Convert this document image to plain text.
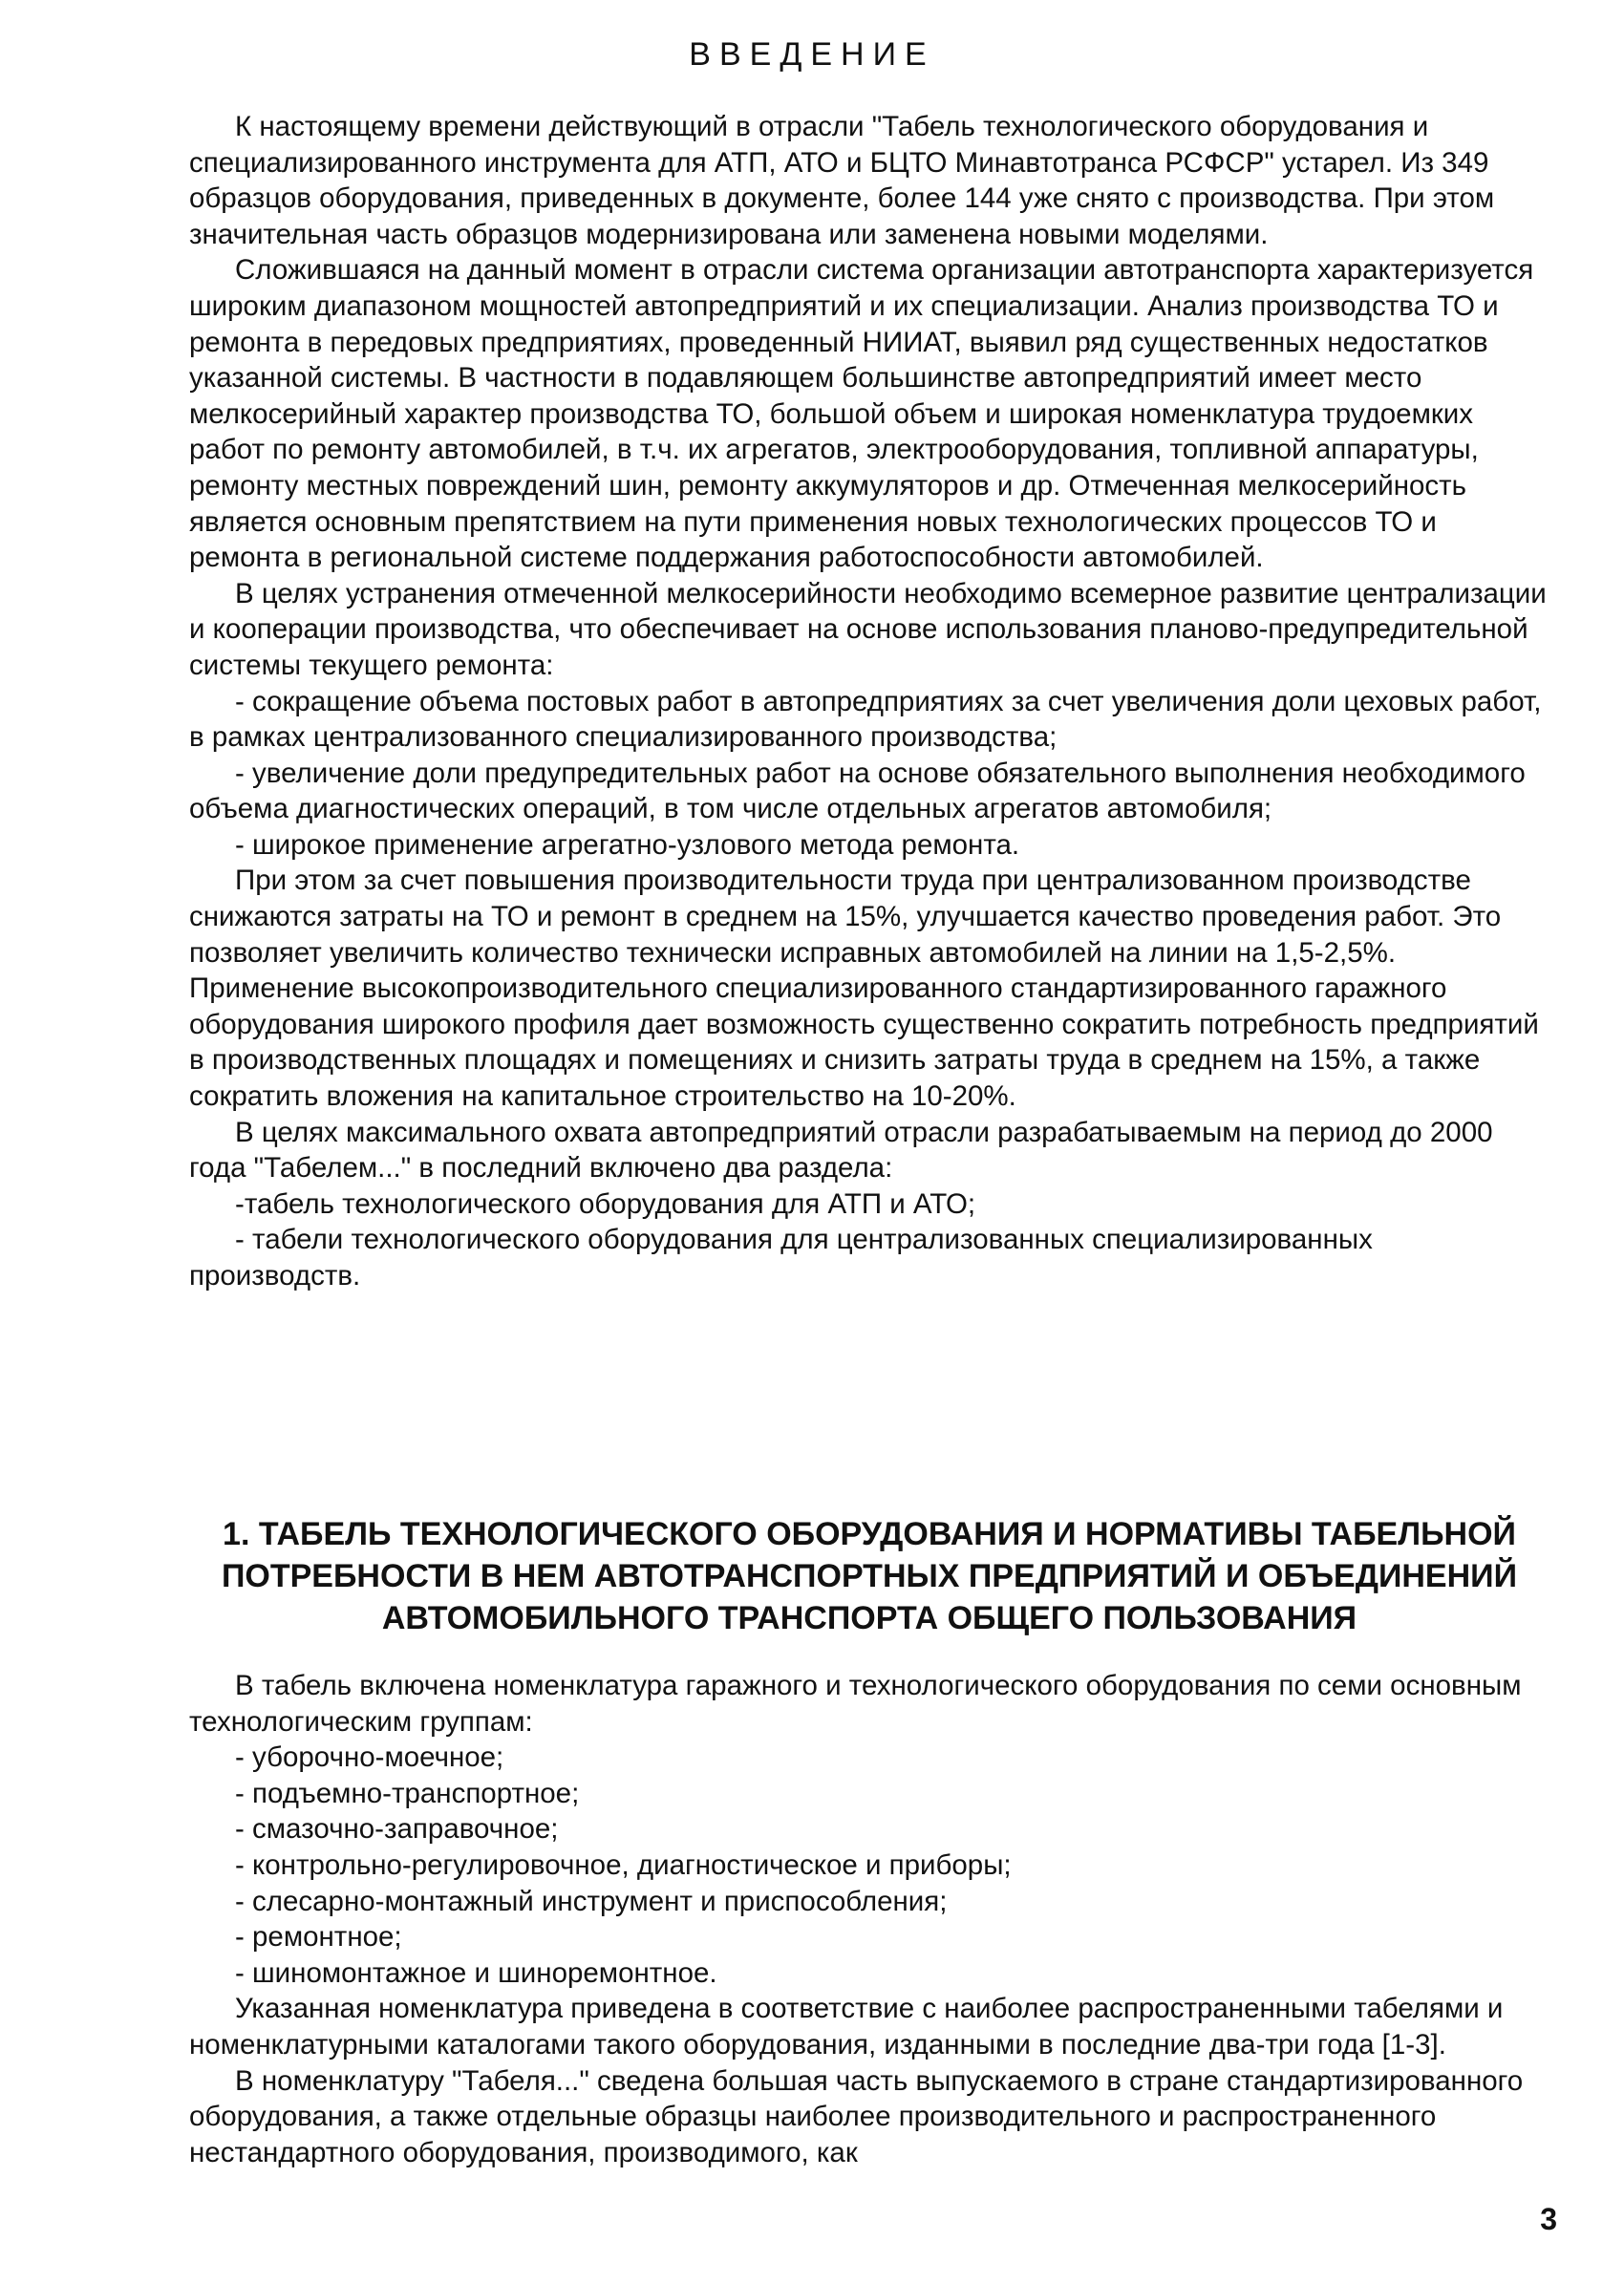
ВВЕДЕНИЕ

К настоящему времени действующий в отрасли "Табель технологического оборудования и специализированного инструмента для АТП, АТО и БЦТО Минавтотранса РСФСР" устарел. Из 349 образцов оборудования, приведенных в документе, более 144 уже снято с производства. При этом значительная часть образцов модернизирована или заменена новыми моделями.

Сложившаяся на данный момент в отрасли система организации автотранспорта характеризуется широким диапазоном мощностей автопредприятий и их специализации. Анализ производства ТО и ремонта в передовых предприятиях, проведенный НИИАТ, выявил ряд существенных недостатков указанной системы. В частности в подавляющем большинстве автопредприятий имеет место мелкосерийный характер производства ТО, большой объем и широкая номенклатура трудоемких работ по ремонту автомобилей, в т.ч. их агрегатов, электрооборудования, топливной аппаратуры, ремонту местных повреждений шин, ремонту аккумуляторов и др. Отмеченная мелкосерийность является основным препятствием на пути применения новых технологических процессов ТО и ремонта в региональной системе поддержания работоспособности автомобилей.

В целях устранения отмеченной мелкосерийности необходимо всемерное развитие централизации и кооперации производства, что обеспечивает на основе использования планово-предупредительной системы текущего ремонта:

- сокращение объема постовых работ в автопредприятиях за счет увеличения доли цеховых работ, в рамках централизованного специализированного производства;

- увеличение доли предупредительных работ на основе обязательного выполнения необходимого объема диагностических операций, в том числе отдельных агрегатов автомобиля;

- широкое применение агрегатно-узлового метода ремонта.

При этом за счет повышения производительности труда при централизованном производстве снижаются затраты на ТО и ремонт в среднем на 15%, улучшается качество проведения работ. Это позволяет увеличить количество технически исправных автомобилей на линии на 1,5-2,5%. Применение высокопроизводительного специализированного стандартизированного гаражного оборудования широкого профиля дает возможность существенно сократить потребность предприятий в производственных площадях и помещениях и снизить затраты труда в среднем на 15%, а также сократить вложения на капитальное строительство на 10-20%.

В целях максимального охвата автопредприятий отрасли разрабатываемым на период до 2000 года "Табелем..." в последний включено два раздела:

-табель технологического оборудования для АТП и АТО;

- табели технологического оборудования для централизованных специализированных производств.

1. ТАБЕЛЬ ТЕХНОЛОГИЧЕСКОГО ОБОРУДОВАНИЯ И НОРМАТИВЫ ТАБЕЛЬНОЙ ПОТРЕБНОСТИ В НЕМ АВТОТРАНСПОРТНЫХ ПРЕДПРИЯТИЙ И ОБЪЕДИНЕНИЙ АВТОМОБИЛЬНОГО ТРАНСПОРТА ОБЩЕГО ПОЛЬЗОВАНИЯ

В табель включена номенклатура гаражного и технологического оборудования по семи основным технологическим группам:

- уборочно-моечное;

- подъемно-транспортное;

- смазочно-заправочное;

- контрольно-регулировочное, диагностическое и приборы;

- слесарно-монтажный инструмент и приспособления;

- ремонтное;

- шиномонтажное и шиноремонтное.

Указанная номенклатура приведена в соответствие с наиболее распространенными табелями и номенклатурными каталогами такого оборудования, изданными в последние два-три года [1-3].

В номенклатуру "Табеля..." сведена большая часть выпускаемого в стране стандартизированного оборудования, а также отдельные образцы наиболее производительного и распространенного нестандартного оборудования, производимого, как

3
